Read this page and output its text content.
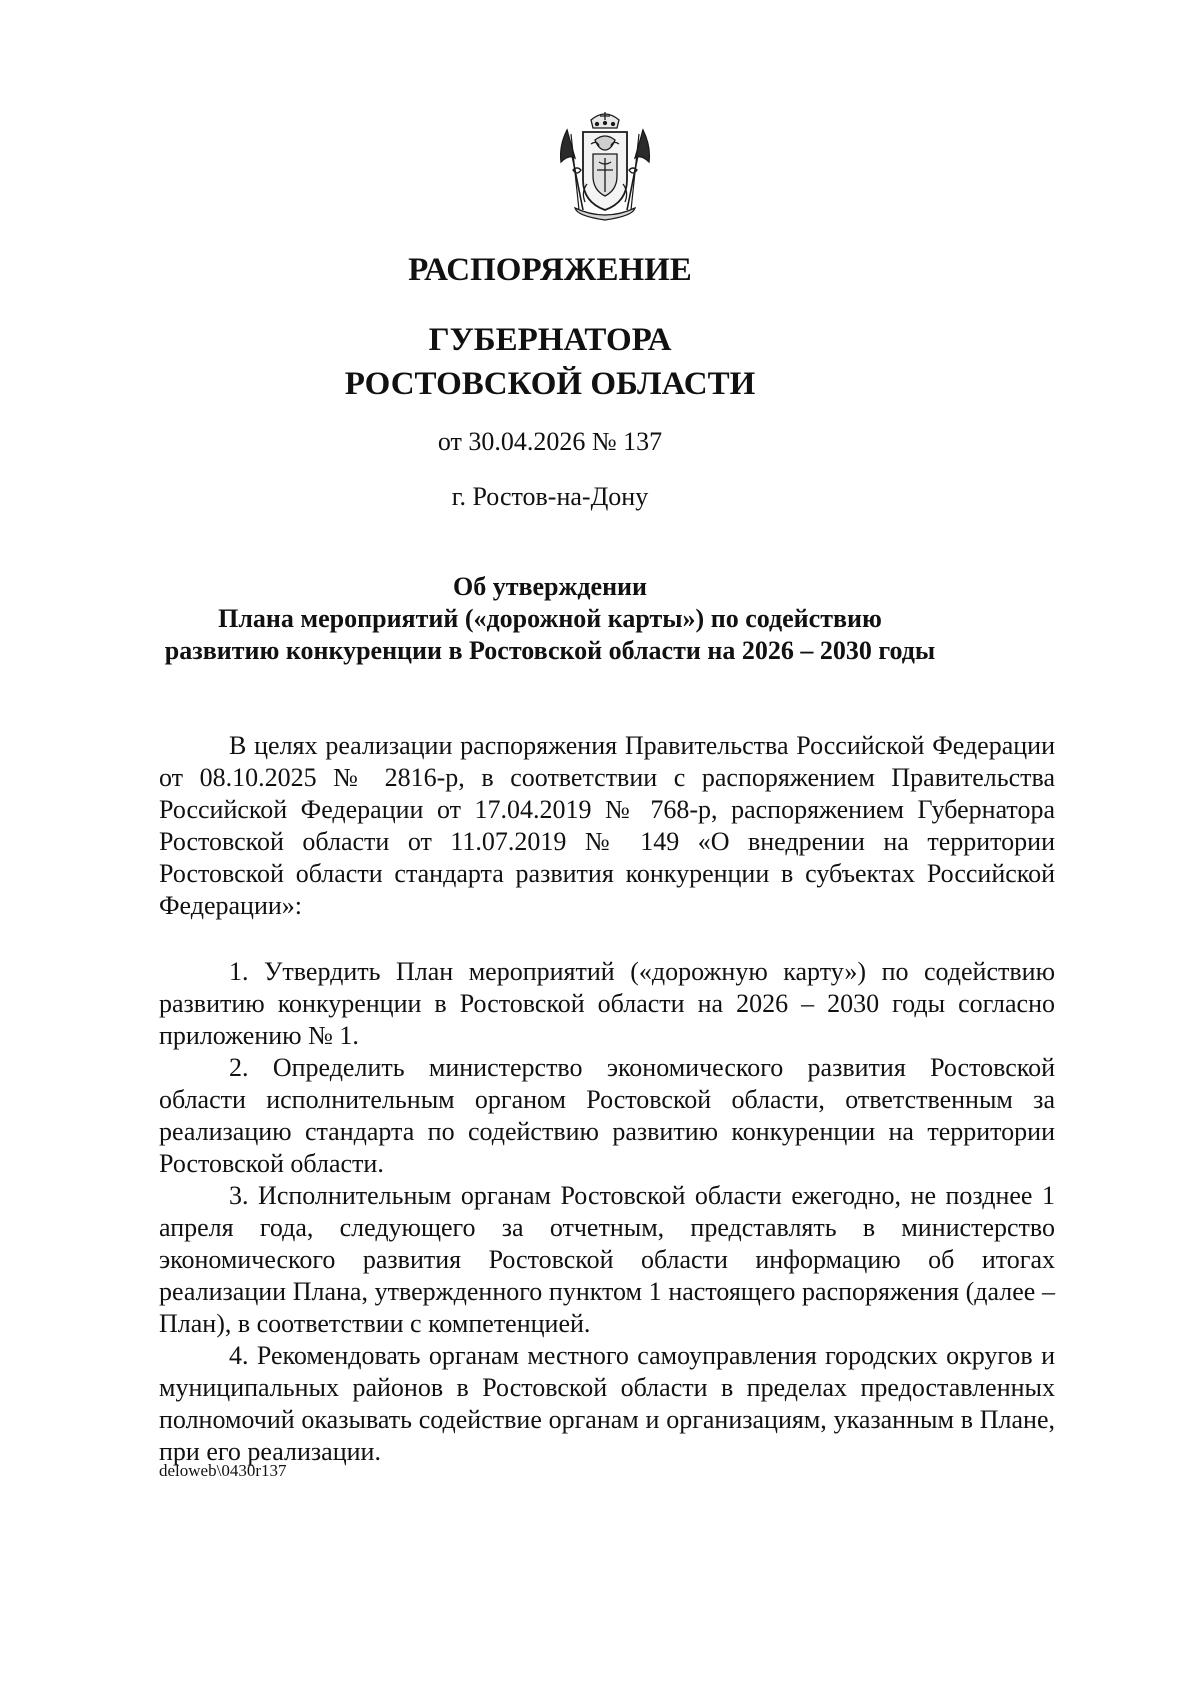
РАСПОРЯЖЕНИЕ
ГУБЕРНАТОРА
РОСТОВСКОЙ ОБЛАСТИ
от 30.04.2026 № 137
г. Ростов-на-Дону
Об утверждении
Плана мероприятий («дорожной карты») по содействию
развитию конкуренции в Ростовской области на 2026 – 2030 годы

В целях реализации распоряжения Правительства Российской Федерации от 08.10.2025 № 2816-р, в соответствии с распоряжением Правительства Российской Федерации от 17.04.2019 № 768-р, распоряжением Губернатора Ростовской области от 11.07.2019 № 149 «О внедрении на территории Ростовской области стандарта развития конкуренции в субъектах Российской Федерации»:

1. Утвердить План мероприятий («дорожную карту») по содействию развитию конкуренции в Ростовской области на 2026 – 2030 годы согласно приложению № 1.

2. Определить министерство экономического развития Ростовской области исполнительным органом Ростовской области, ответственным за реализацию стандарта по содействию развитию конкуренции на территории Ростовской области.

3. Исполнительным органам Ростовской области ежегодно, не позднее 1 апреля года, следующего за отчетным, представлять в министерство экономического развития Ростовской области информацию об итогах реализации Плана, утвержденного пунктом 1 настоящего распоряжения (далее – План), в соответствии с компетенцией.

4. Рекомендовать органам местного самоуправления городских округов и муниципальных районов в Ростовской области в пределах предоставленных полномочий оказывать содействие органам и организациям, указанным в Плане, при его реализации.

deloweb\0430r137
